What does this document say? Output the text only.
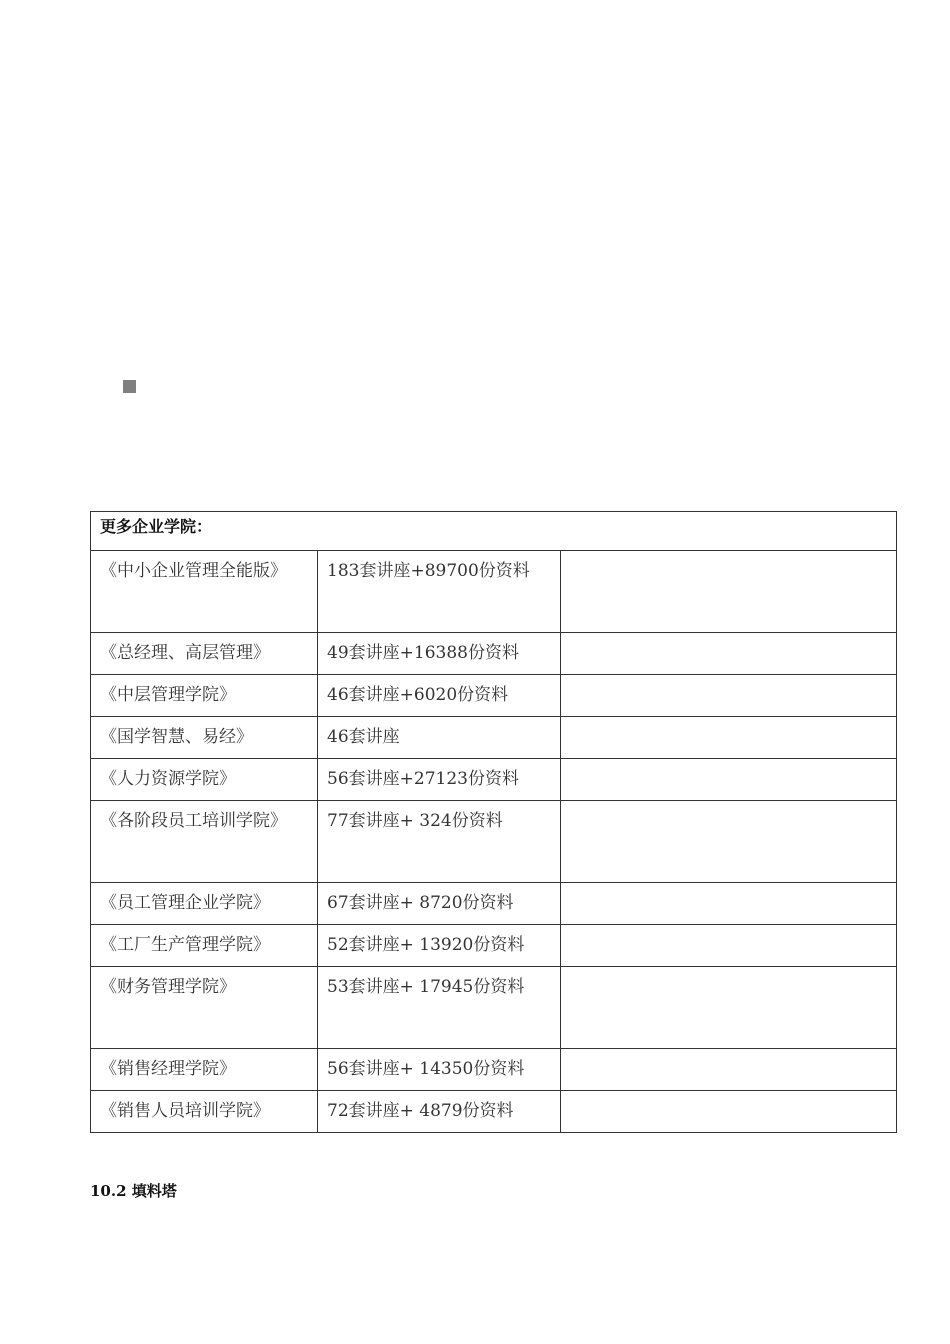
更多企业学院：		
《中小企业管理全能版》	183套讲座+89700份资料	
《总经理、高层管理》	49套讲座+16388份资料	
《中层管理学院》	46套讲座+6020份资料	
《国学智慧、易经》	46套讲座	
《人力资源学院》	56套讲座+27123份资料	
《各阶段员工培训学院》	77套讲座+ 324份资料	
《员工管理企业学院》	67套讲座+ 8720份资料	
《工厂生产管理学院》	52套讲座+ 13920份资料	
《财务管理学院》	53套讲座+ 17945份资料	
《销售经理学院》	56套讲座+ 14350份资料	
《销售人员培训学院》	72套讲座+ 4879份资料	
10.2 填料塔
